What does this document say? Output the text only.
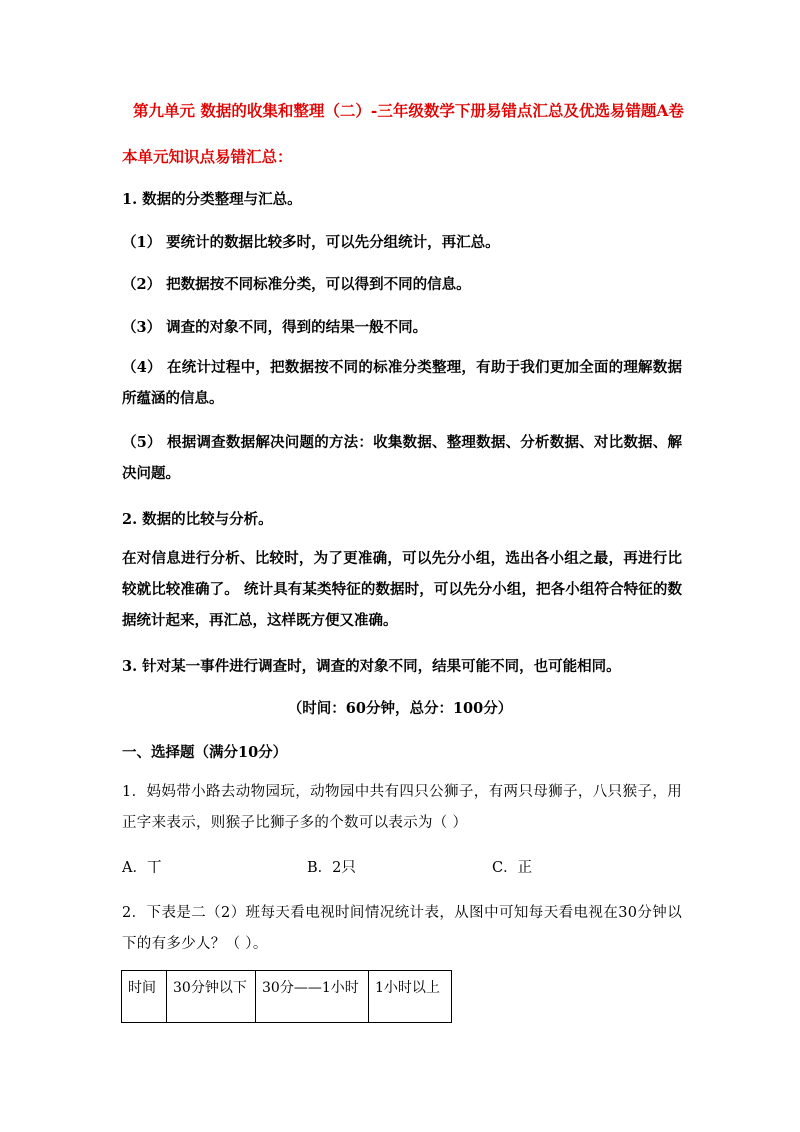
第九单元 数据的收集和整理（二）-三年级数学下册易错点汇总及优选易错题A卷
本单元知识点易错汇总：
1. 数据的分类整理与汇总。
（1） 要统计的数据比较多时，可以先分组统计，再汇总。
（2） 把数据按不同标准分类，可以得到不同的信息。
（3） 调查的对象不同，得到的结果一般不同。
（4） 在统计过程中，把数据按不同的标准分类整理，有助于我们更加全面的理解数据所蕴涵的信息。
（5） 根据调查数据解决问题的方法：收集数据、整理数据、分析数据、对比数据、解决问题。
2. 数据的比较与分析。
在对信息进行分析、比较时，为了更准确，可以先分小组，选出各小组之最，再进行比较就比较准确了。 统计具有某类特征的数据时，可以先分小组，把各小组符合特征的数据统计起来，再汇总，这样既方便又准确。
3. 针对某一事件进行调查时，调查的对象不同，结果可能不同，也可能相同。
（时间：60分钟，总分：100分）
一、选择题（满分10分）
1．妈妈带小路去动物园玩，动物园中共有四只公狮子，有两只母狮子，八只猴子，用正字来表示，则猴子比狮子多的个数可以表示为（ ）
A．丅	B．2只	C．正
2．下表是二（2）班每天看电视时间情况统计表，从图中可知每天看电视在30分钟以下的有多少人？（ ）。
时间	30分钟以下	30分——1小时	1小时以上
